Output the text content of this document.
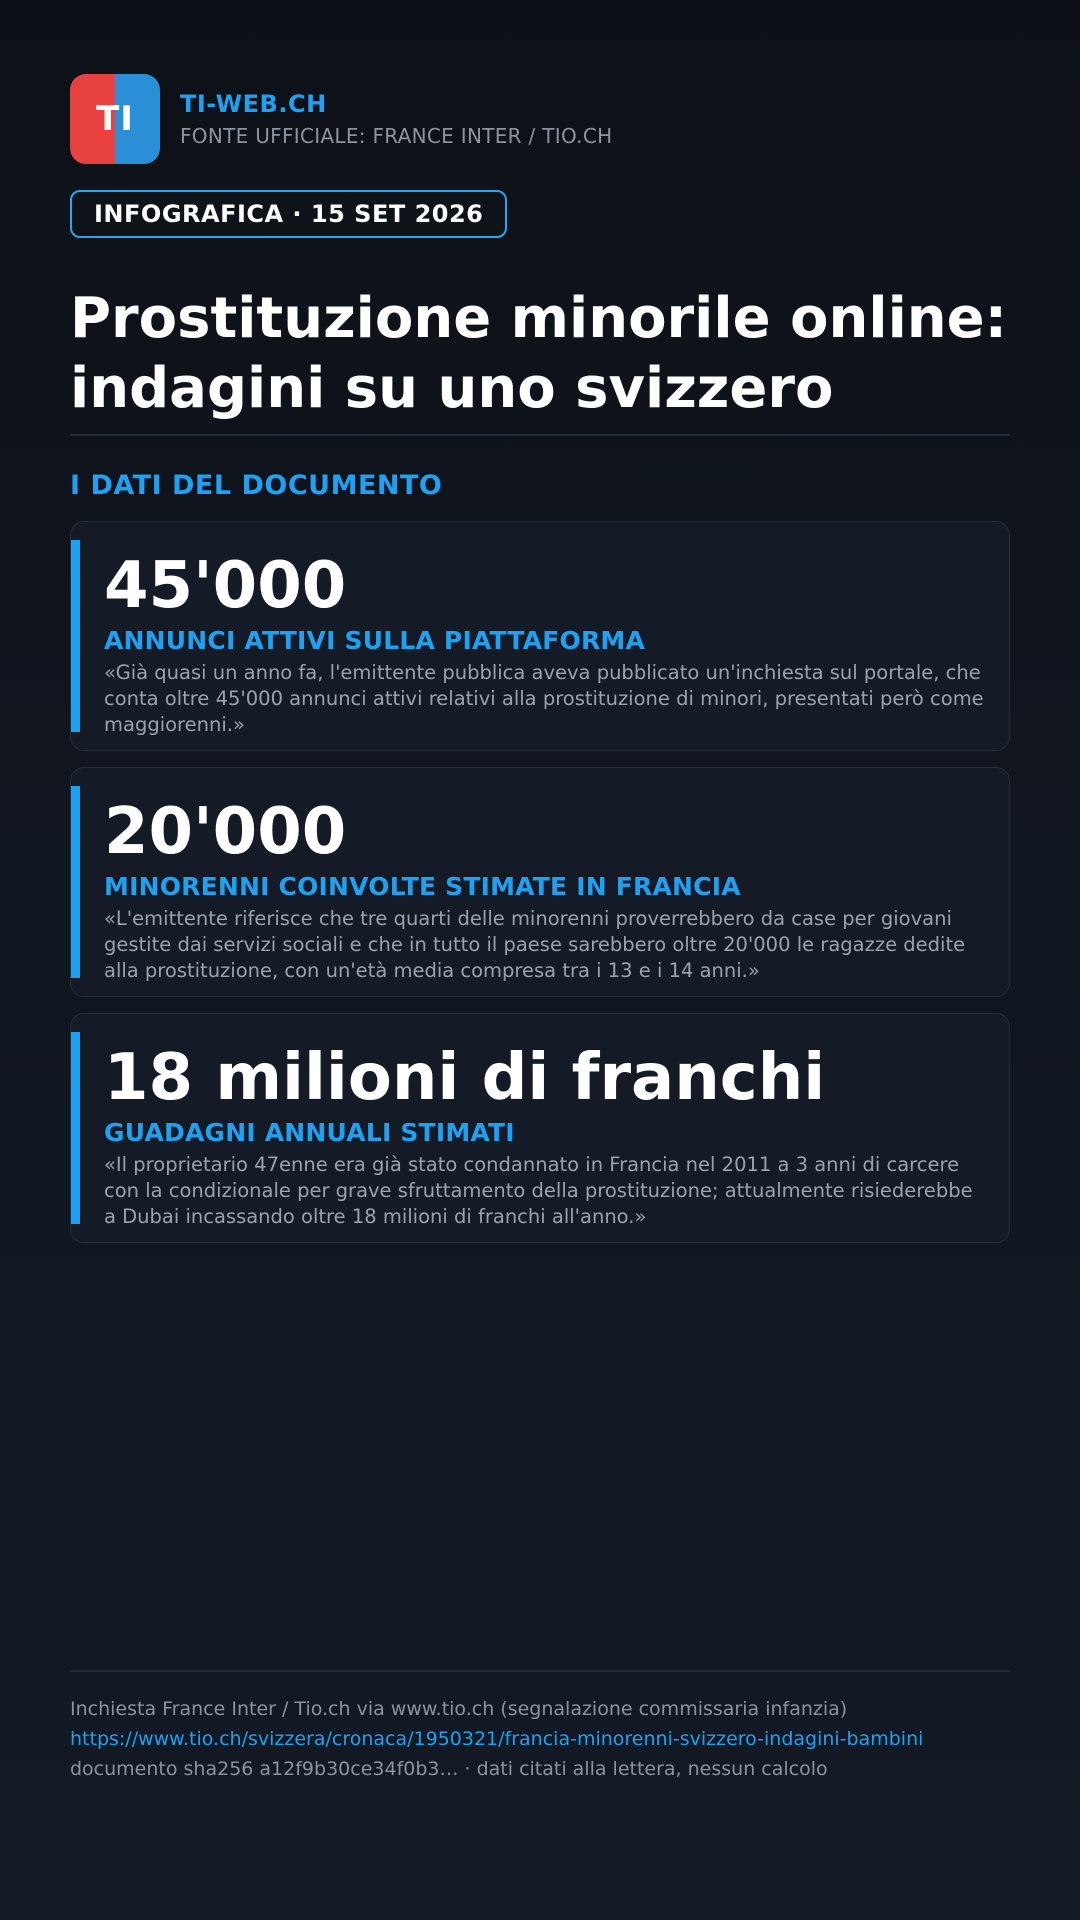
TI	TI-WEB.CH
FONTE UFFICIALE: FRANCE INTER / TIO.CH
INFOGRAFICA · 15 SET 2026
Prostituzione minorile online:
indagini su uno svizzero
I DATI DEL DOCUMENTO
45'000
ANNUNCI ATTIVI SULLA PIATTAFORMA
«Già quasi un anno fa, l'emittente pubblica aveva pubblicato un'inchiesta sul portale, che conta oltre 45'000 annunci attivi relativi alla prostituzione di minori, presentati però come maggiorenni.»
20'000
MINORENNI COINVOLTE STIMATE IN FRANCIA
«L'emittente riferisce che tre quarti delle minorenni proverrebbero da case per giovani gestite dai servizi sociali e che in tutto il paese sarebbero oltre 20'000 le ragazze dedite alla prostituzione, con un'età media compresa tra i 13 e i 14 anni.»
18 milioni di franchi
GUADAGNI ANNUALI STIMATI
«Il proprietario 47enne era già stato condannato in Francia nel 2011 a 3 anni di carcere con la condizionale per grave sfruttamento della prostituzione; attualmente risiederebbe a Dubai incassando oltre 18 milioni di franchi all'anno.»
Inchiesta France Inter / Tio.ch via www.tio.ch (segnalazione commissaria infanzia)
https://www.tio.ch/svizzera/cronaca/1950321/francia-minorenni-svizzero-indagini-bambini
documento sha256 a12f9b30ce34f0b3… · dati citati alla lettera, nessun calcolo
